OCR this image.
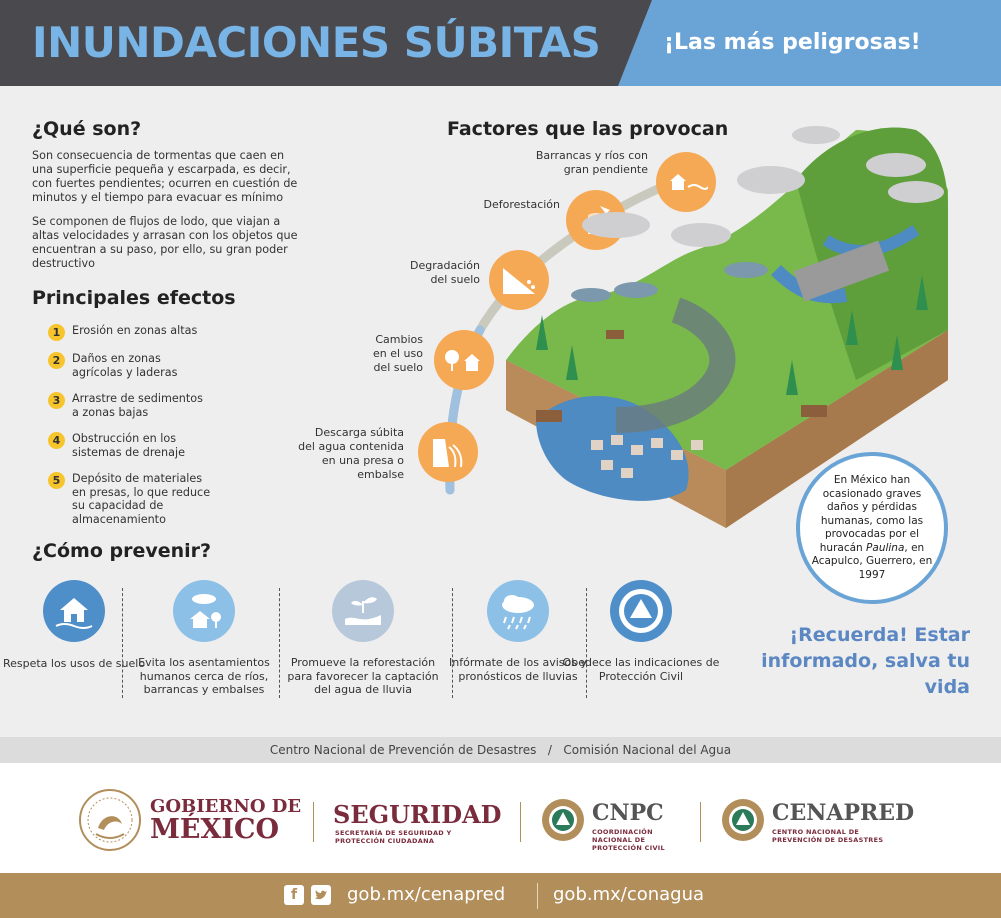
INUNDACIONES SÚBITAS	¡Las más peligrosas!
¿Qué son?

Son consecuencia de tormentas que caen en una superficie pequeña y escarpada, es decir, con fuertes pendientes; ocurren en cuestión de minutos y el tiempo para evacuar es mínimo

Se componen de flujos de lodo, que viajan a altas velocidades y arrasan con los objetos que encuentran a su paso, por ello, su gran poder destructivo

Principales efectos
1	Erosión en zonas altas
2	Daños en zonas agrícolas y laderas
3	Arrastre de sedimentos a zonas bajas
4	Obstrucción en los sistemas de drenaje
5	Depósito de materiales en presas, lo que reduce su capacidad de almacenamiento
Factores que las provocan
Barrancas y ríos con gran pendiente
Deforestación
Degradación del suelo
Cambios en el uso del suelo
Descarga súbita del agua contenida en una presa o embalse	En México han ocasionado graves daños y pérdidas humanas, como las provocadas por el huracán Paulina, en Acapulco, Guerrero, en 1997

¡Recuerda! Estar informado, salva tu vida
¿Cómo prevenir?
Respeta los usos de suelo
Evita los asentamientos humanos cerca de ríos, barrancas y embalses
Promueve la reforestación para favorecer la captación del agua de lluvia
Infórmate de los avisos y pronósticos de lluvias
Obedece las indicaciones de Protección Civil
Centro Nacional de Prevención de Desastres / Comisión Nacional del Agua
GOBIERNO DE
MÉXICO SEGURIDAD
SECRETARÍA DE SEGURIDAD Y PROTECCIÓN CIUDADANA
CNPC
COORDINACIÓN NACIONAL DE PROTECCIÓN CIVIL
CENAPRED
CENTRO NACIONAL DE PREVENCIÓN DE DESASTRES
f	gob.mx/cenapred	gob.mx/conagua
